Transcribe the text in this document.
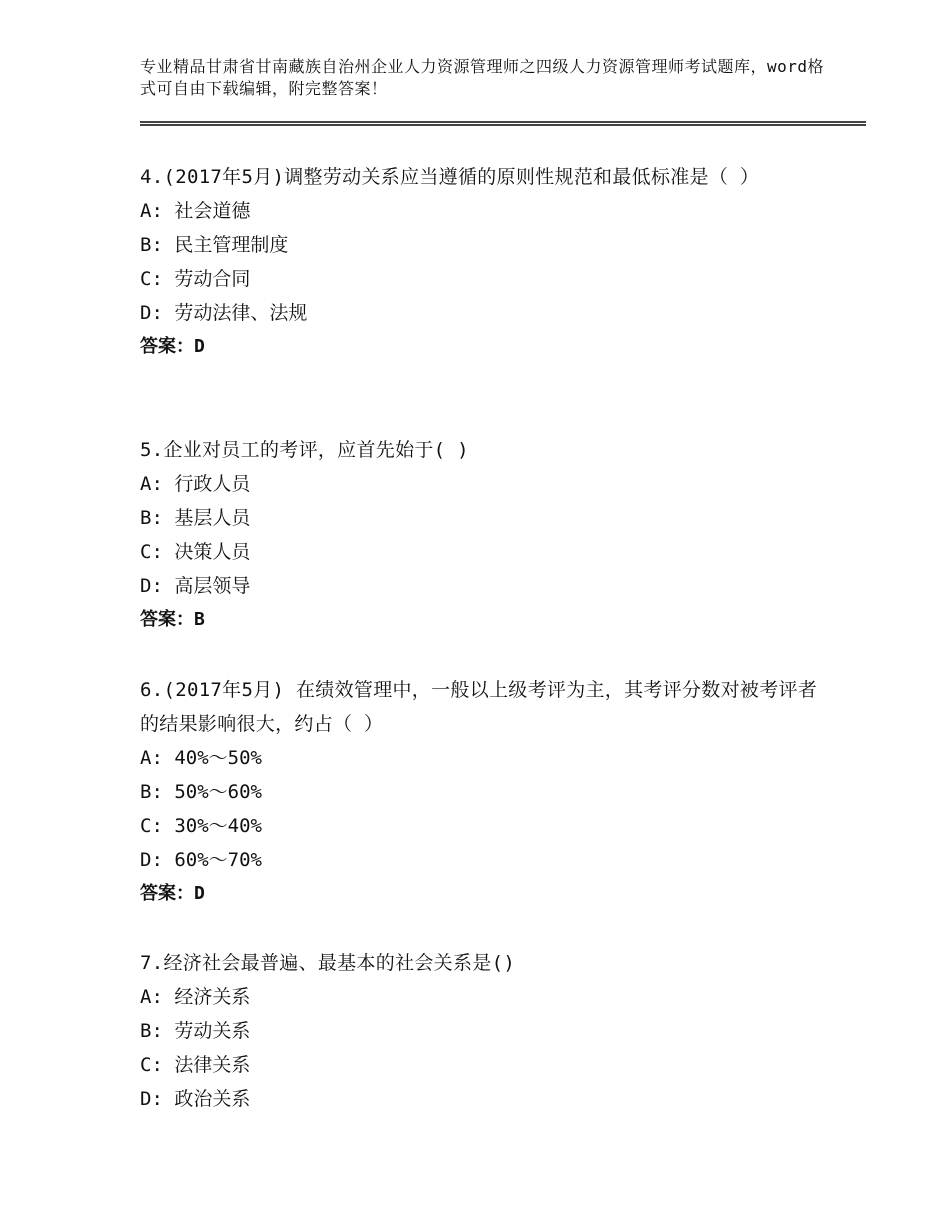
专业精品甘肃省甘南藏族自治州企业人力资源管理师之四级人力资源管理师考试题库，word格式可自由下载编辑，附完整答案！
4.(2017年5月)调整劳动关系应当遵循的原则性规范和最低标准是（ ）
A: 社会道德
B: 民主管理制度
C: 劳动合同
D: 劳动法律、法规
答案：D
5.企业对员工的考评，应首先始于( )
A: 行政人员
B: 基层人员
C: 决策人员
D: 高层领导
答案：B
6.(2017年5月) 在绩效管理中，一般以上级考评为主，其考评分数对被考评者的结果影响很大，约占（ ）
A: 40%～50%
B: 50%～60%
C: 30%～40%
D: 60%～70%
答案：D
7.经济社会最普遍、最基本的社会关系是()
A: 经济关系
B: 劳动关系
C: 法律关系
D: 政治关系
